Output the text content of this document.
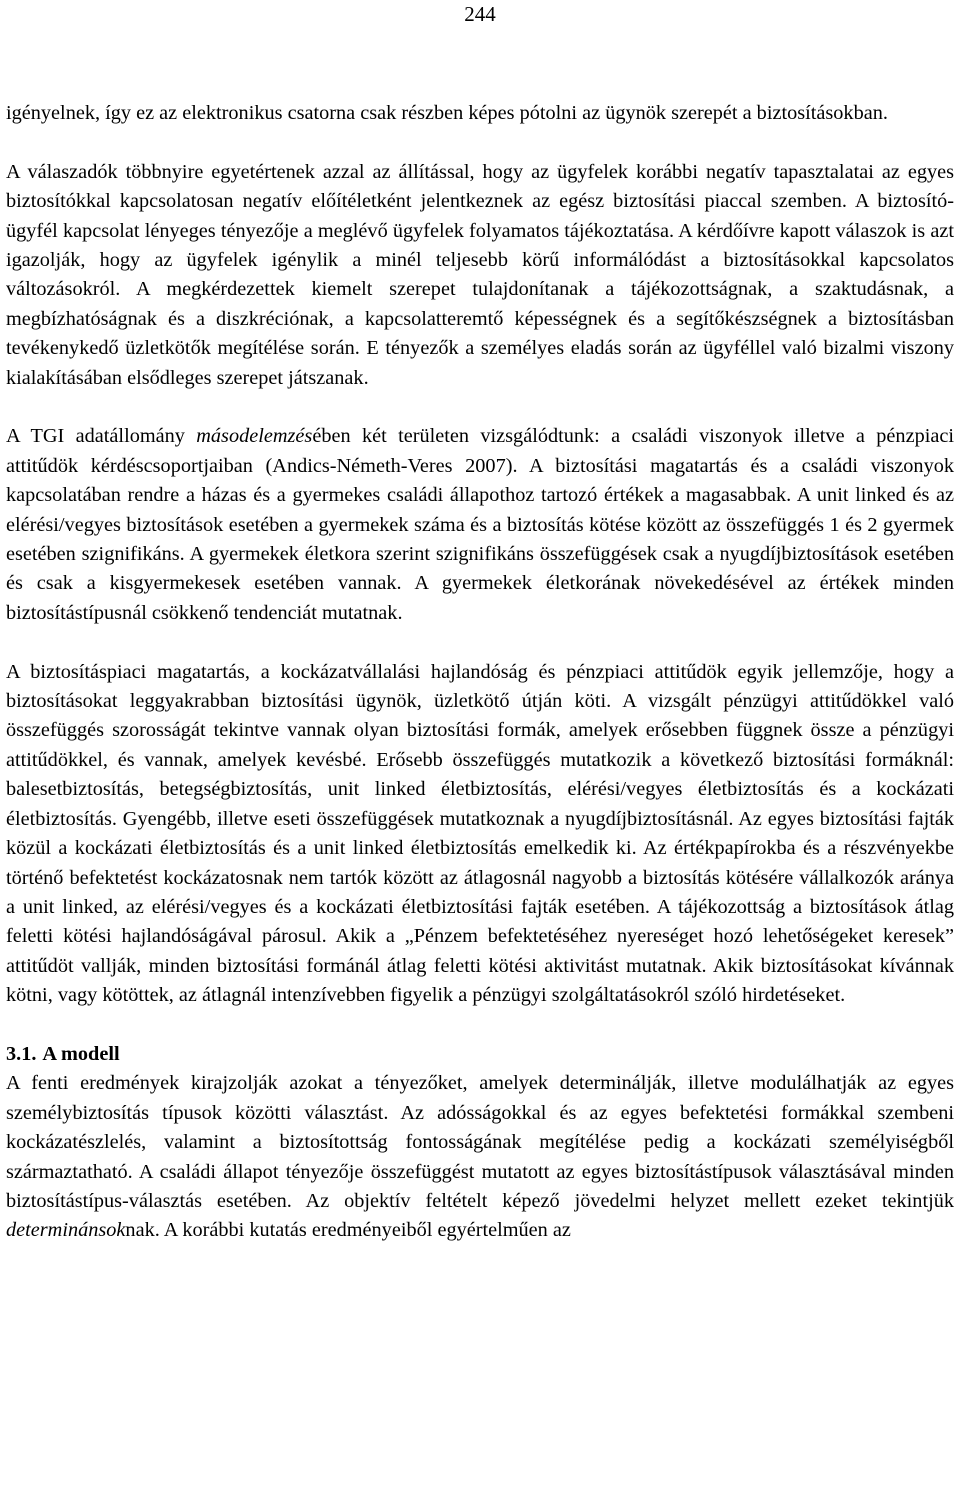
244

igényelnek, így ez az elektronikus csatorna csak részben képes pótolni az ügynök szerepét a biztosításokban.

A válaszadók többnyire egyetértenek azzal az állítással, hogy az ügyfelek korábbi negatív tapasztalatai az egyes biztosítókkal kapcsolatosan negatív előítéletként jelentkeznek az egész biztosítási piaccal szemben. A biztosító-ügyfél kapcsolat lényeges tényezője a meglévő ügyfelek folyamatos tájékoztatása. A kérdőívre kapott válaszok is azt igazolják, hogy az ügyfelek igénylik a minél teljesebb körű informálódást a biztosításokkal kapcsolatos változásokról. A megkérdezettek kiemelt szerepet tulajdonítanak a tájékozottságnak, a szaktudásnak, a megbízhatóságnak és a diszkréciónak, a kapcsolatteremtő képességnek és a segítőkészségnek a biztosításban tevékenykedő üzletkötők megítélése során. E tényezők a személyes eladás során az ügyféllel való bizalmi viszony kialakításában elsődleges szerepet játszanak.

A TGI adatállomány másodelemzésében két területen vizsgálódtunk: a családi viszonyok illetve a pénzpiaci attitűdök kérdéscsoportjaiban (Andics-Németh-Veres 2007). A biztosítási magatartás és a családi viszonyok kapcsolatában rendre a házas és a gyermekes családi állapothoz tartozó értékek a magasabbak. A unit linked és az elérési/vegyes biztosítások esetében a gyermekek száma és a biztosítás kötése között az összefüggés 1 és 2 gyermek esetében szignifikáns. A gyermekek életkora szerint szignifikáns összefüggések csak a nyugdíjbiztosítások esetében és csak a kisgyermekesek esetében vannak. A gyermekek életkorának növekedésével az értékek minden biztosítástípusnál csökkenő tendenciát mutatnak.

A biztosításpiaci magatartás, a kockázatvállalási hajlandóság és pénzpiaci attitűdök egyik jellemzője, hogy a biztosításokat leggyakrabban biztosítási ügynök, üzletkötő útján köti. A vizsgált pénzügyi attitűdökkel való összefüggés szorosságát tekintve vannak olyan biztosítási formák, amelyek erősebben függnek össze a pénzügyi attitűdökkel, és vannak, amelyek kevésbé. Erősebb összefüggés mutatkozik a következő biztosítási formáknál: balesetbiztosítás, betegségbiztosítás, unit linked életbiztosítás, elérési/vegyes életbiztosítás és a kockázati életbiztosítás. Gyengébb, illetve eseti összefüggések mutatkoznak a nyugdíjbiztosításnál. Az egyes biztosítási fajták közül a kockázati életbiztosítás és a unit linked életbiztosítás emelkedik ki. Az értékpapírokba és a részvényekbe történő befektetést kockázatosnak nem tartók között az átlagosnál nagyobb a biztosítás kötésére vállalkozók aránya a unit linked, az elérési/vegyes és a kockázati életbiztosítási fajták esetében. A tájékozottság a biztosítások átlag feletti kötési hajlandóságával párosul. Akik a „Pénzem befektetéséhez nyereséget hozó lehetőségeket keresek” attitűdöt vallják, minden biztosítási formánál átlag feletti kötési aktivitást mutatnak. Akik biztosításokat kívánnak kötni, vagy kötöttek, az átlagnál intenzívebben figyelik a pénzügyi szolgáltatásokról szóló hirdetéseket.

3.1. A modell

A fenti eredmények kirajzolják azokat a tényezőket, amelyek determinálják, illetve modulálhatják az egyes személybiztosítás típusok közötti választást. Az adósságokkal és az egyes befektetési formákkal szembeni kockázatészlelés, valamint a biztosítottság fontosságának megítélése pedig a kockázati személyiségből származtatható. A családi állapot tényezője összefüggést mutatott az egyes biztosítástípusok választásával minden biztosítástípus-választás esetében. Az objektív feltételt képező jövedelmi helyzet mellett ezeket tekintjük determinánsoknak. A korábbi kutatás eredményeiből egyértelműen az
